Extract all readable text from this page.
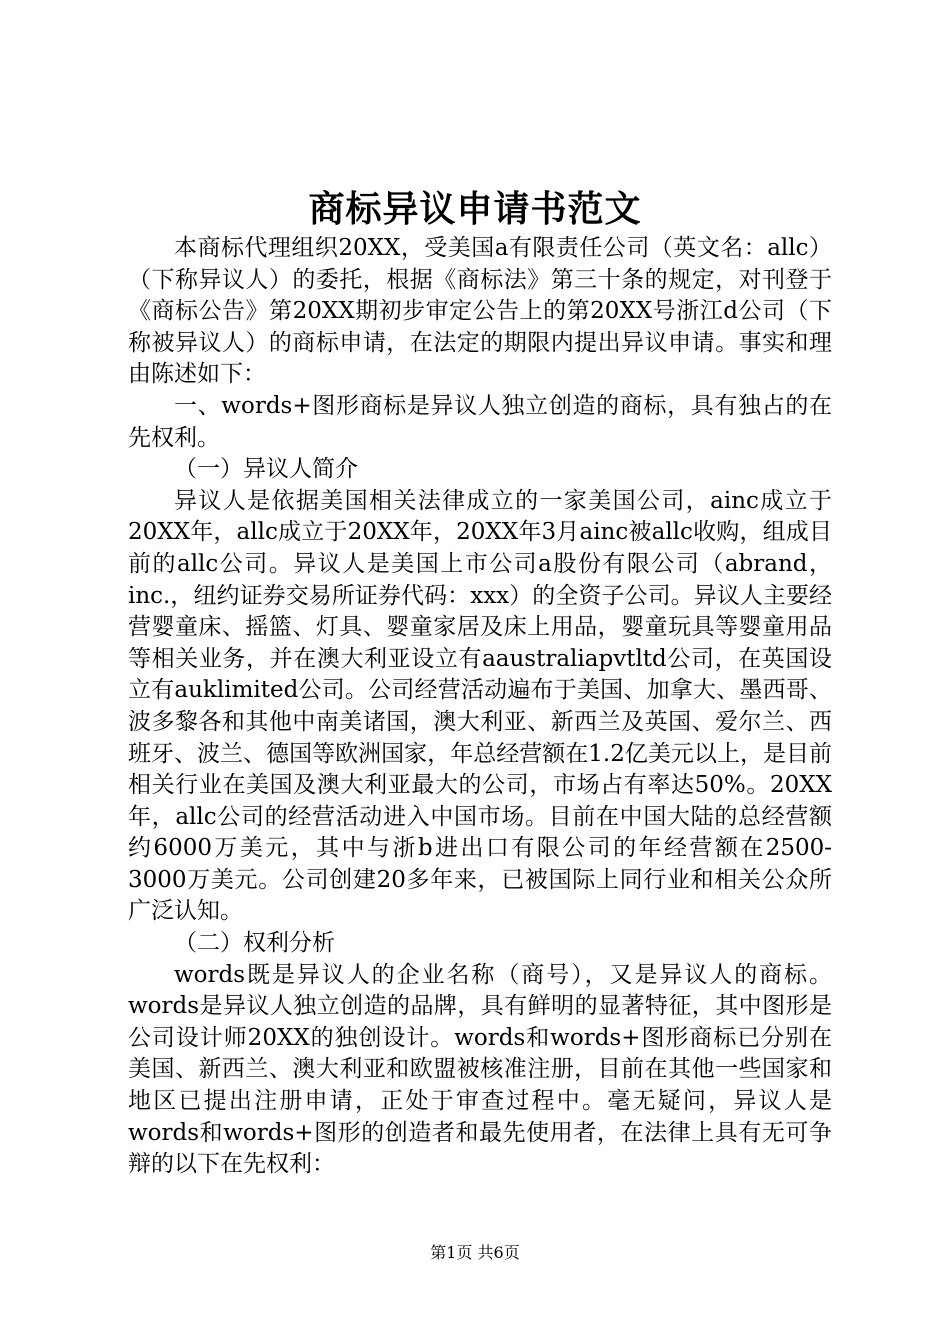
商标异议申请书范文

本商标代理组织20XX，受美国a有限责任公司（英文名：allc）（下称异议人）的委托，根据《商标法》第三十条的规定，对刊登于《商标公告》第20XX期初步审定公告上的第20XX号浙江d公司（下称被异议人）的商标申请，在法定的期限内提出异议申请。事实和理由陈述如下：

一、words+图形商标是异议人独立创造的商标，具有独占的在先权利。

（一）异议人简介

异议人是依据美国相关法律成立的一家美国公司，ainc成立于20XX年，allc成立于20XX年，20XX年3月ainc被allc收购，组成目前的allc公司。异议人是美国上市公司a股份有限公司（abrand，inc.，纽约证券交易所证券代码：xxx）的全资子公司。异议人主要经营婴童床、摇篮、灯具、婴童家居及床上用品，婴童玩具等婴童用品等相关业务，并在澳大利亚设立有aaustraliapvtltd公司，在英国设立有auklimited公司。公司经营活动遍布于美国、加拿大、墨西哥、波多黎各和其他中南美诸国，澳大利亚、新西兰及英国、爱尔兰、西班牙、波兰、德国等欧洲国家，年总经营额在1.2亿美元以上，是目前相关行业在美国及澳大利亚最大的公司，市场占有率达50%。20XX年，allc公司的经营活动进入中国市场。目前在中国大陆的总经营额约6000万美元，其中与浙b进出口有限公司的年经营额在2500-3000万美元。公司创建20多年来，已被国际上同行业和相关公众所广泛认知。

（二）权利分析

words既是异议人的企业名称（商号），又是异议人的商标。words是异议人独立创造的品牌，具有鲜明的显著特征，其中图形是公司设计师20XX的独创设计。words和words+图形商标已分别在美国、新西兰、澳大利亚和欧盟被核准注册，目前在其他一些国家和地区已提出注册申请，正处于审查过程中。毫无疑问，异议人是words和words+图形的创造者和最先使用者，在法律上具有无可争辩的以下在先权利：

第1页 共6页
